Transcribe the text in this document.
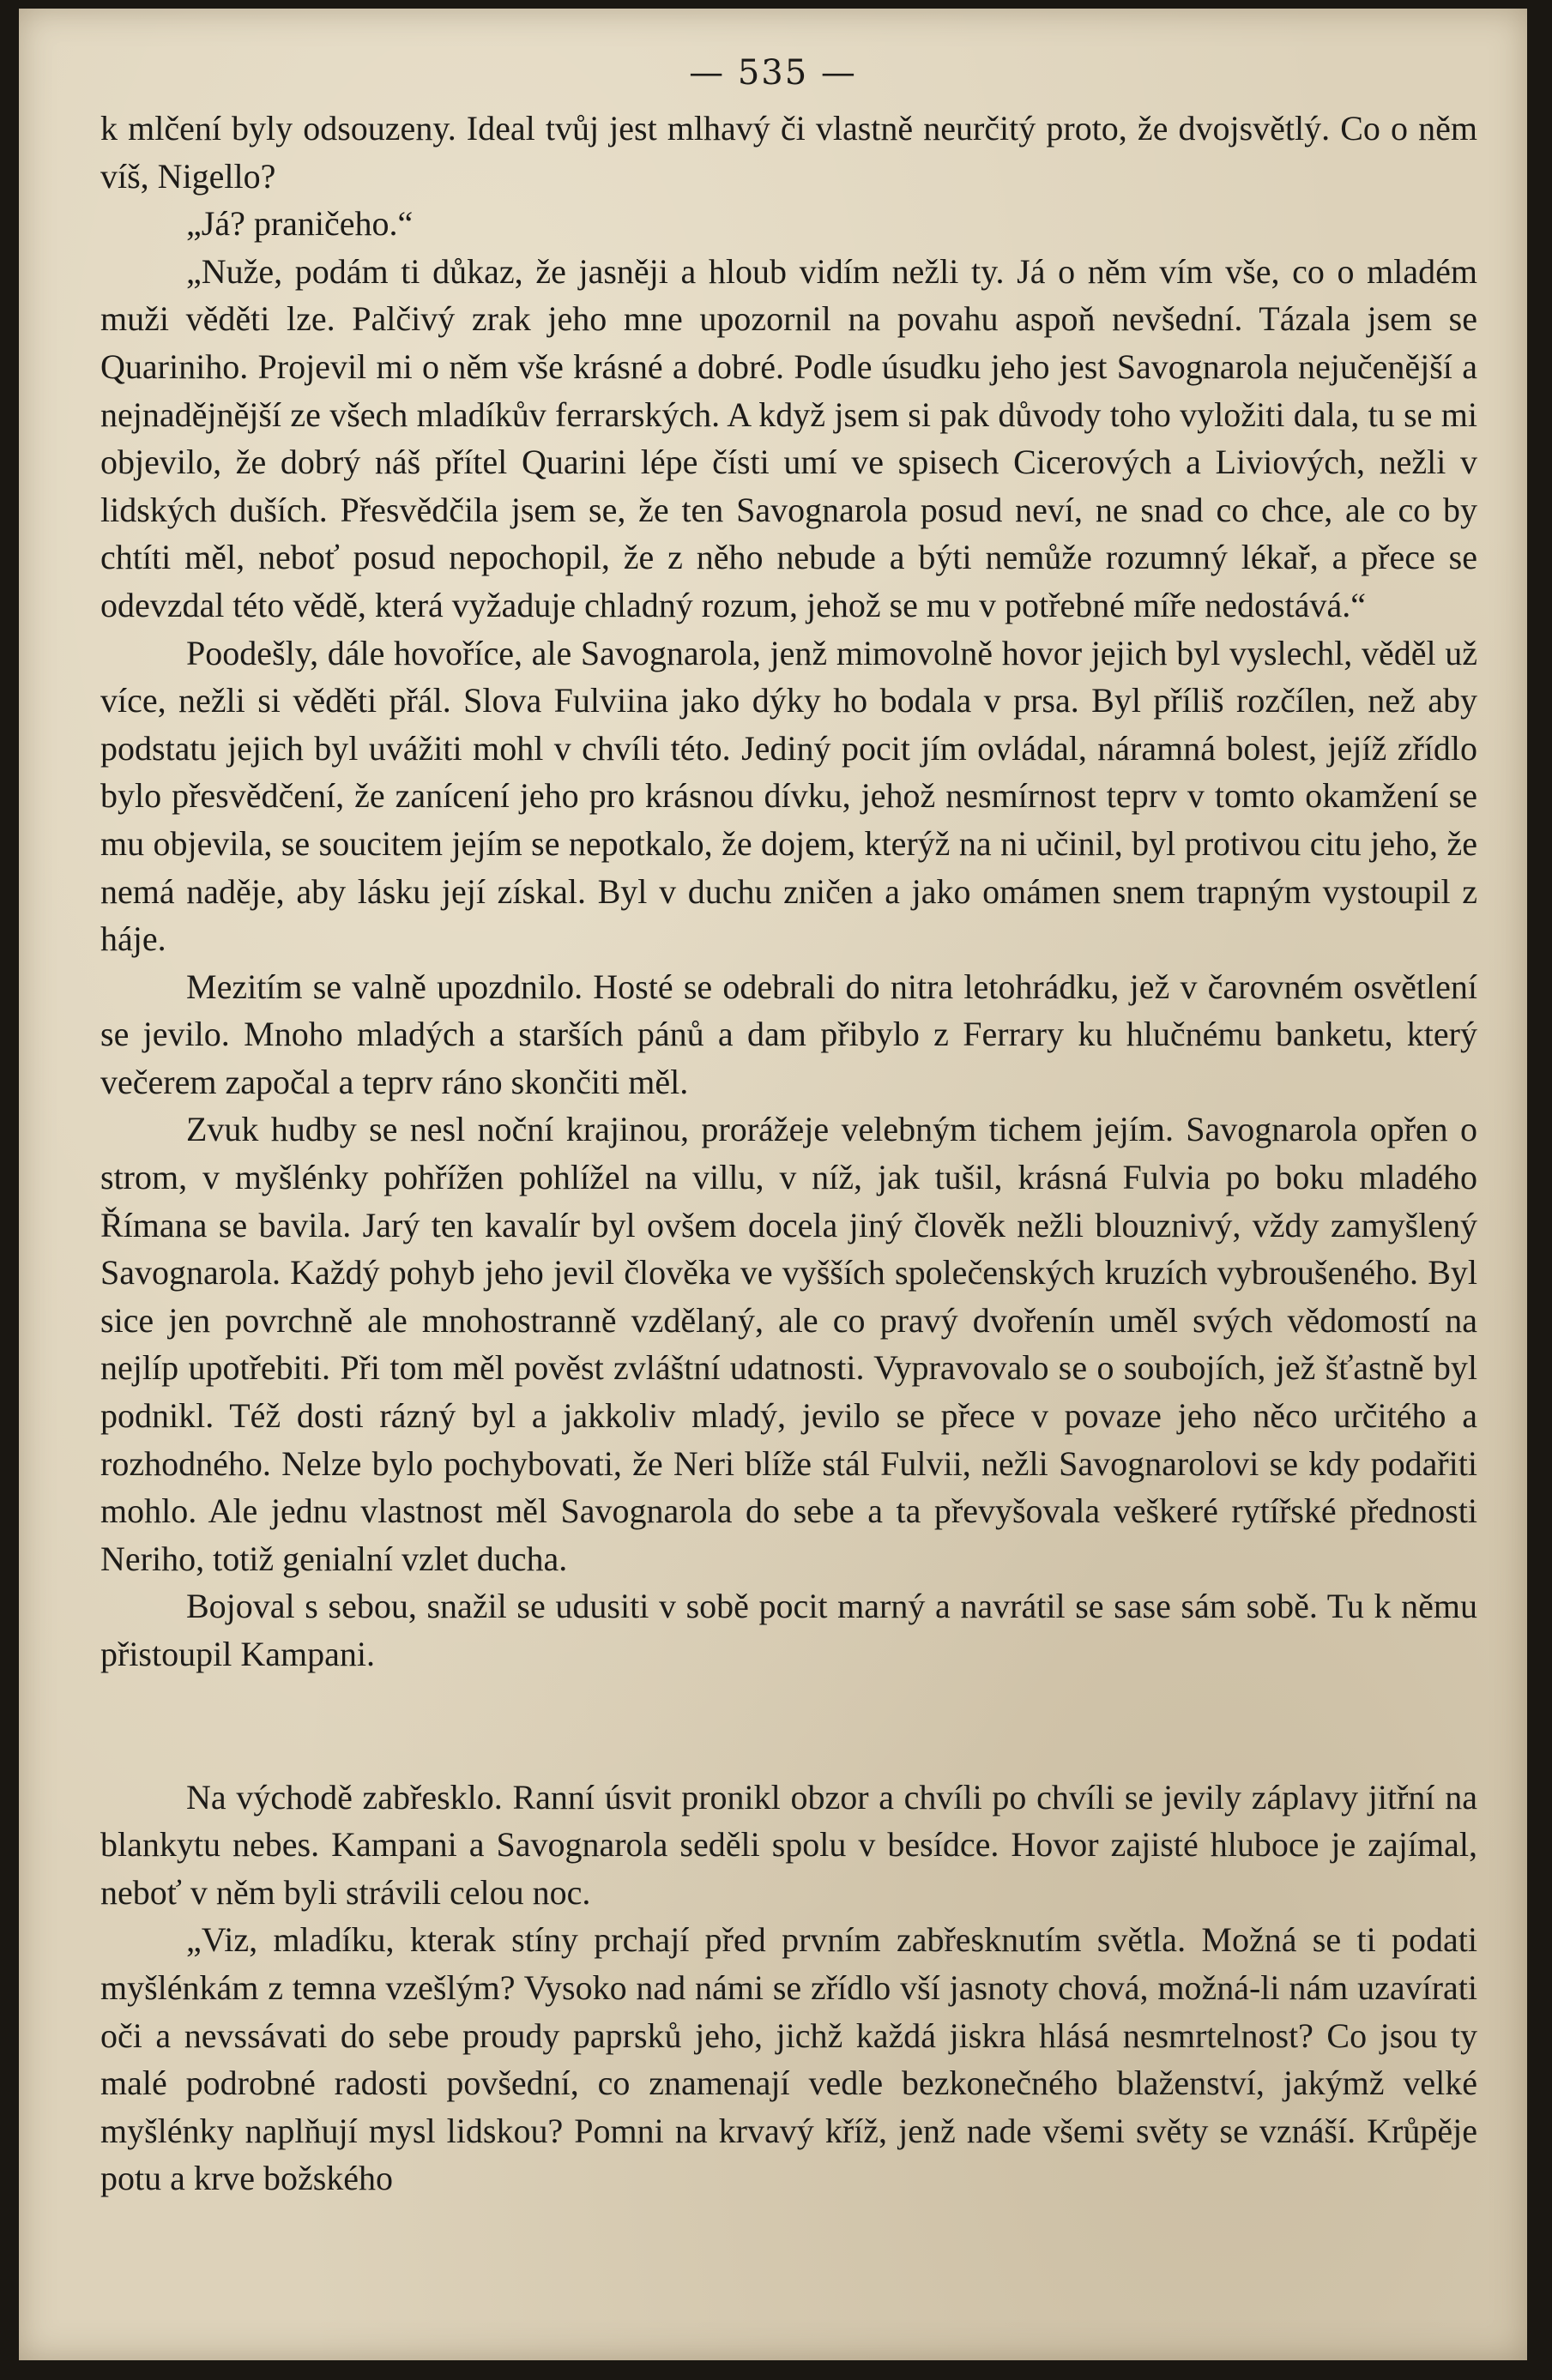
— 535 —

k mlčení byly odsouzeny. Ideal tvůj jest mlhavý či vlastně neurčitý proto, že dvojsvětlý. Co o něm víš, Nigello?

„Já? praničeho.“

„Nuže, podám ti důkaz, že jasněji a hloub vidím nežli ty. Já o něm vím vše, co o mladém muži věděti lze. Palčivý zrak jeho mne upozornil na povahu aspoň nevšední. Tázala jsem se Quariniho. Projevil mi o něm vše krásné a dobré. Podle úsudku jeho jest Savognarola nejučenější a nejnadějnější ze všech mladíkův ferrarských. A když jsem si pak důvody toho vyložiti dala, tu se mi objevilo, že dobrý náš přítel Quarini lépe čísti umí ve spisech Cicerových a Liviových, nežli v lidských duších. Přesvědčila jsem se, že ten Savognarola posud neví, ne snad co chce, ale co by chtíti měl, neboť posud nepochopil, že z něho nebude a býti nemůže rozumný lékař, a přece se odevzdal této vědě, která vyžaduje chladný rozum, jehož se mu v potřebné míře nedostává.“

Poodešly, dále hovoříce, ale Savognarola, jenž mimovolně hovor jejich byl vyslechl, věděl už více, nežli si věděti přál. Slova Fulviina jako dýky ho bodala v prsa. Byl příliš rozčílen, než aby podstatu jejich byl uvážiti mohl v chvíli této. Jediný pocit jím ovládal, náramná bolest, jejíž zřídlo bylo přesvědčení, že zanícení jeho pro krásnou dívku, jehož nesmírnost teprv v tomto okamžení se mu objevila, se soucitem jejím se nepotkalo, že dojem, kterýž na ni učinil, byl protivou citu jeho, že nemá naděje, aby lásku její získal. Byl v duchu zničen a jako omámen snem trapným vystoupil z háje.

Mezitím se valně upozdnilo. Hosté se odebrali do nitra letohrádku, jež v čarovném osvětlení se jevilo. Mnoho mladých a starších pánů a dam přibylo z Ferrary ku hlučnému banketu, který večerem započal a teprv ráno skončiti měl.

Zvuk hudby se nesl noční krajinou, prorážeje velebným tichem jejím. Savognarola opřen o strom, v myšlénky pohřížen pohlížel na villu, v níž, jak tušil, krásná Fulvia po boku mladého Římana se bavila. Jarý ten kavalír byl ovšem docela jiný člověk nežli blouznivý, vždy zamyšlený Savognarola. Každý pohyb jeho jevil člověka ve vyšších společenských kruzích vybroušeného. Byl sice jen povrchně ale mnohostranně vzdělaný, ale co pravý dvořenín uměl svých vědomostí na nejlíp upotřebiti. Při tom měl pověst zvláštní udatnosti. Vypravovalo se o soubojích, jež šťastně byl podnikl. Též dosti rázný byl a jakkoliv mladý, jevilo se přece v povaze jeho něco určitého a rozhodného. Nelze bylo pochybovati, že Neri blíže stál Fulvii, nežli Savognarolovi se kdy podařiti mohlo. Ale jednu vlastnost měl Savognarola do sebe a ta převyšovala veškeré rytířské přednosti Neriho, totiž genialní vzlet ducha.

Bojoval s sebou, snažil se udusiti v sobě pocit marný a navrátil se sase sám sobě. Tu k němu přistoupil Kampani.

Na východě zabřesklo. Ranní úsvit pronikl obzor a chvíli po chvíli se jevily záplavy jitřní na blankytu nebes. Kampani a Savognarola seděli spolu v besídce. Hovor zajisté hluboce je zajímal, neboť v něm byli strávili celou noc.

„Viz, mladíku, kterak stíny prchají před prvním zabřesknutím světla. Možná se ti podati myšlénkám z temna vzešlým? Vysoko nad námi se zřídlo vší jasnoty chová, možná-li nám uzavírati oči a nevssávati do sebe proudy paprsků jeho, jichž každá jiskra hlásá nesmrtelnost? Co jsou ty malé podrobné radosti povšední, co znamenají vedle bezkonečného blaženství, jakýmž velké myšlénky naplňují mysl lidskou? Pomni na krvavý kříž, jenž nade všemi světy se vznáší. Krůpěje potu a krve božského
